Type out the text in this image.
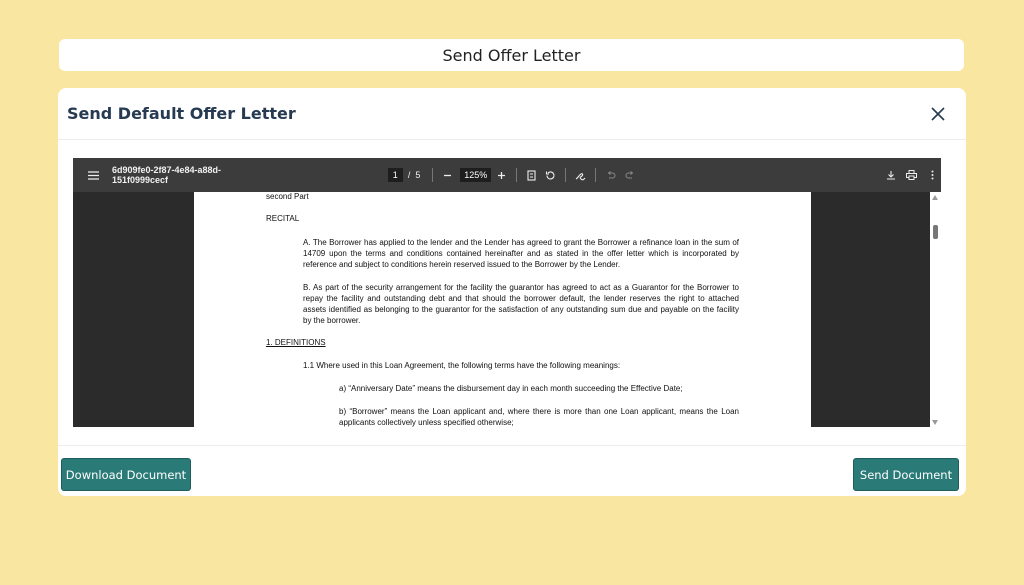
Send Offer Letter
Send Default Offer Letter
6d909fe0-2f87-4e84-a88d-151f0999cecf	1	/ 5	125%
second Part
RECITAL
A. The Borrower has applied to the lender and the Lender has agreed to grant the Borrower a refinance loan in the sum of 14709 upon the terms and conditions contained hereinafter and as stated in the offer letter which is incorporated by reference and subject to conditions herein reserved issued to the Borrower by the Lender.
B. As part of the security arrangement for the facility the guarantor has agreed to act as a Guarantor for the Borrower to repay the facility and outstanding debt and that should the borrower default, the lender reserves the right to attached assets identified as belonging to the guarantor for the satisfaction of any outstanding sum due and payable on the facility by the borrower.
1. DEFINITIONS
1.1 Where used in this Loan Agreement, the following terms have the following meanings:
a) “Anniversary Date” means the disbursement day in each month succeeding the Effective Date;
b) “Borrower” means the Loan applicant and, where there is more than one Loan applicant, means the Loan applicants collectively unless specified otherwise;
Download Document	Send Document
